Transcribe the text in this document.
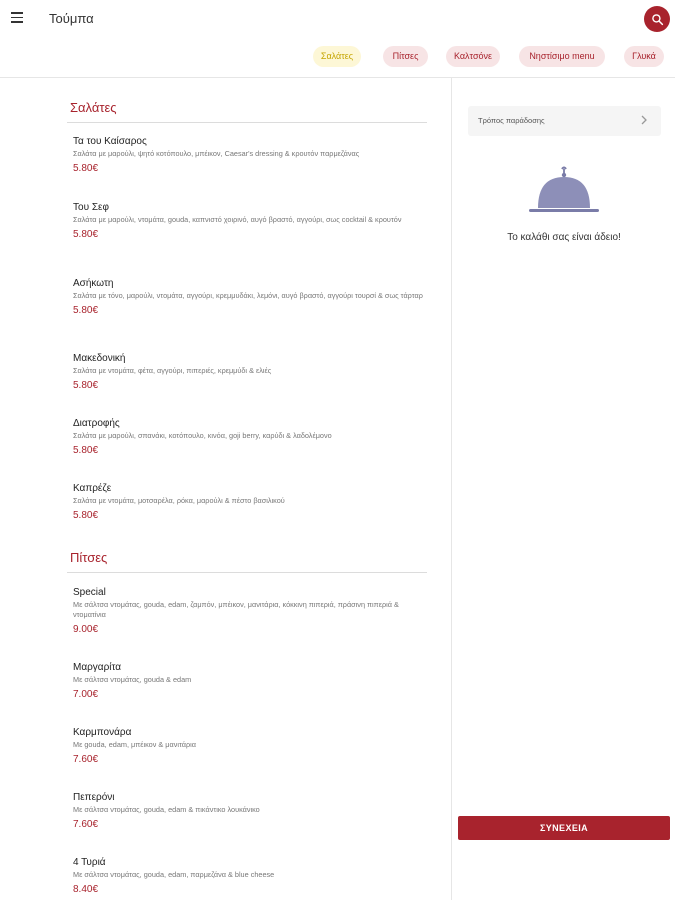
Τούμπα
Σαλάτες	Πίτσες	Καλτσόνε	Νηστίσιμο menu	Γλυκά
Σαλάτες
Τα του Καίσαρος
Σαλάτα με μαρούλι, ψητό κοτόπουλο, μπέικον, Caesar's dressing & κρουτόν παρμεζάνας
5.80€
Του Σεφ
Σαλάτα με μαρούλι, ντομάτα, gouda, καπνιστό χοιρινό, αυγό βραστό, αγγούρι, σως cocktail & κρουτόν
5.80€
Ασήκωτη
Σαλάτα με τόνο, μαρούλι, ντομάτα, αγγούρι, κρεμμυδάκι, λεμόνι, αυγό βραστό, αγγούρι τουρσί & σως τάρταρ
5.80€
Μακεδονική
Σαλάτα με ντομάτα, φέτα, αγγούρι, πιπεριές, κρεμμύδι & ελιές
5.80€
Διατροφής
Σαλάτα με μαρούλι, σπανάκι, κοτόπουλο, κινόα, goji berry, καρύδι & λαδολέμονο
5.80€
Καπρέζε
Σαλάτα με ντομάτα, μοτσαρέλα, ρόκα, μαρούλι & πέστο βασιλικού
5.80€
Πίτσες
Special
Με σάλτσα ντομάτας, gouda, edam, ζαμπόν, μπέικον, μανιτάρια, κόκκινη πιπεριά, πράσινη πιπεριά & ντοματίνια
9.00€
Μαργαρίτα
Με σάλτσα ντομάτας, gouda & edam
7.00€
Καρμπονάρα
Με gouda, edam, μπέικον & μανιτάρια
7.60€
Πεπερόνι
Με σάλτσα ντομάτας, gouda, edam & πικάντικο λουκάνικο
7.60€
4 Τυριά
Με σάλτσα ντομάτας, gouda, edam, παρμεζάνα & blue cheese
8.40€
Τρόπος παράδοσης
Το καλάθι σας είναι άδειο!
ΣΥΝΕΧΕΙΑ
